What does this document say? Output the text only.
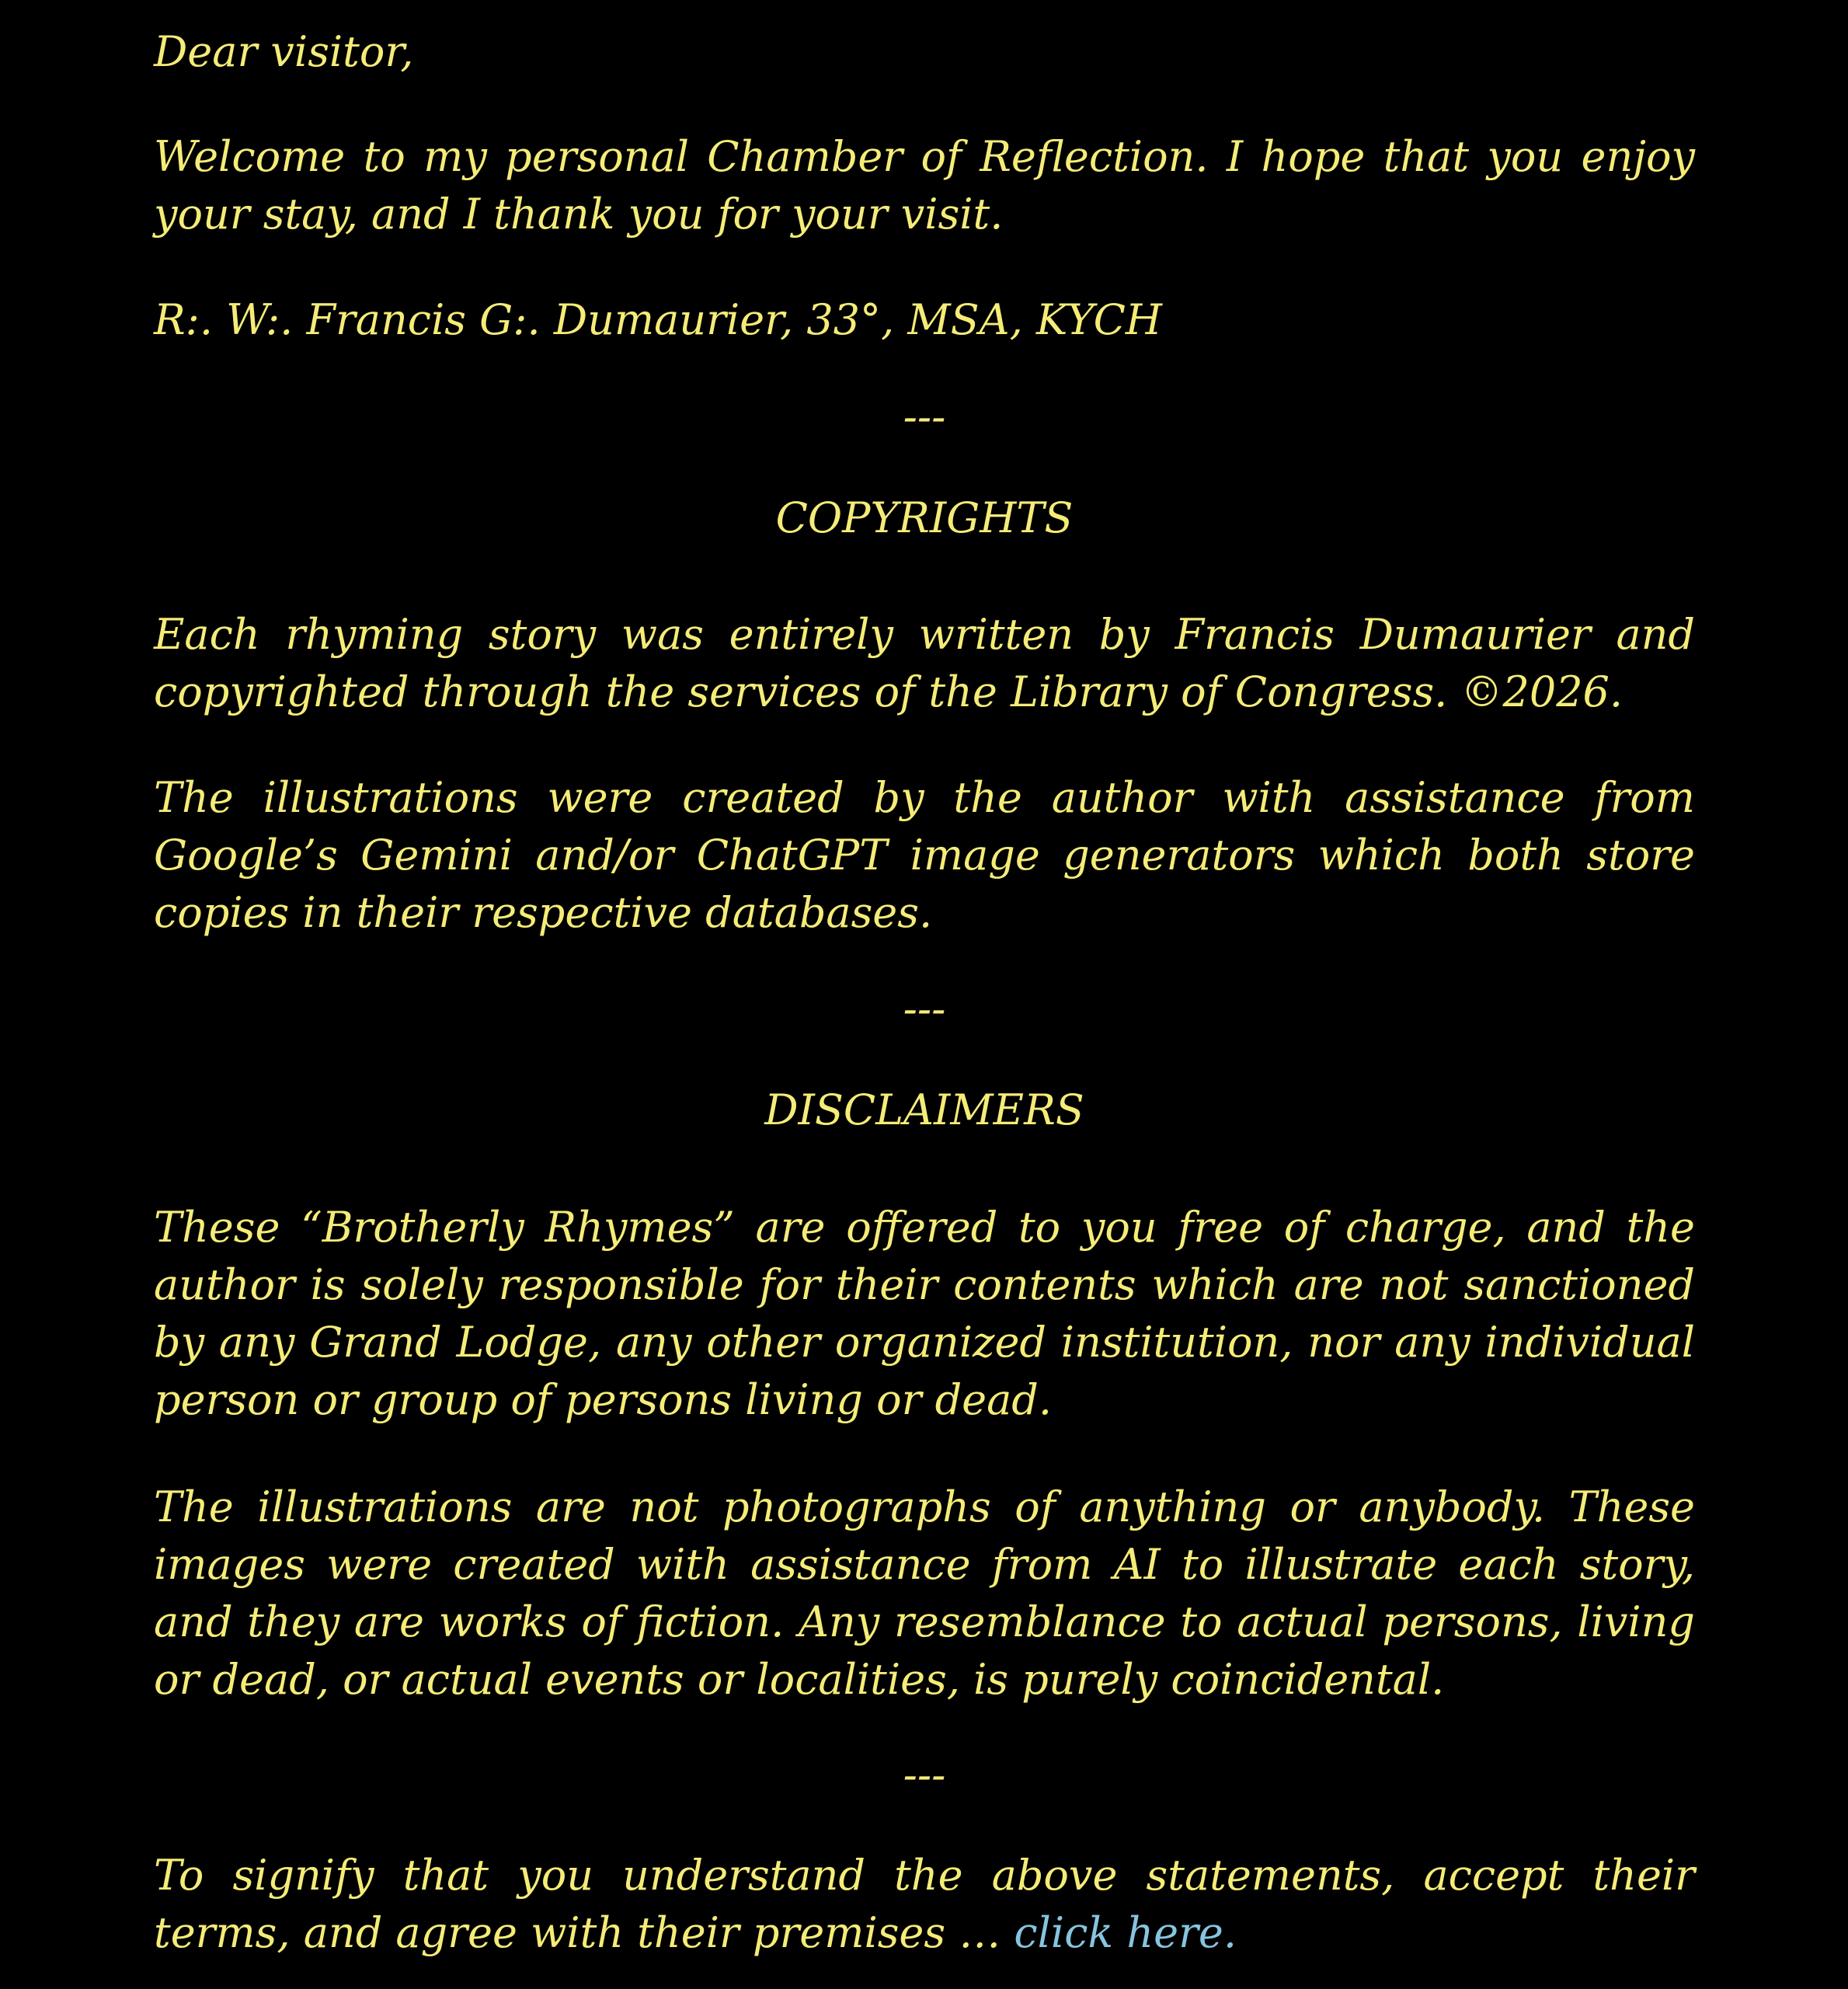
Dear visitor,

Welcome to my personal Chamber of Reflection. I hope that you enjoy your stay, and I thank you for your visit.

R:. W:. Francis G:. Dumaurier, 33°, MSA, KYCH

---

COPYRIGHTS

Each rhyming story was entirely written by Francis Dumaurier and copyrighted through the services of the Library of Congress. ©2026.

The illustrations were created by the author with assistance from Google’s Gemini and/or ChatGPT image generators which both store copies in their respective databases.

---

DISCLAIMERS

These “Brotherly Rhymes” are offered to you free of charge, and the author is solely responsible for their contents which are not sanctioned by any Grand Lodge, any other organized institution, nor any individual person or group of persons living or dead.

The illustrations are not photographs of anything or anybody. These images were created with assistance from AI to illustrate each story, and they are works of fiction. Any resemblance to actual persons, living or dead, or actual events or localities, is purely coincidental.

---

To signify that you understand the above statements, accept their terms, and agree with their premises … click here.
